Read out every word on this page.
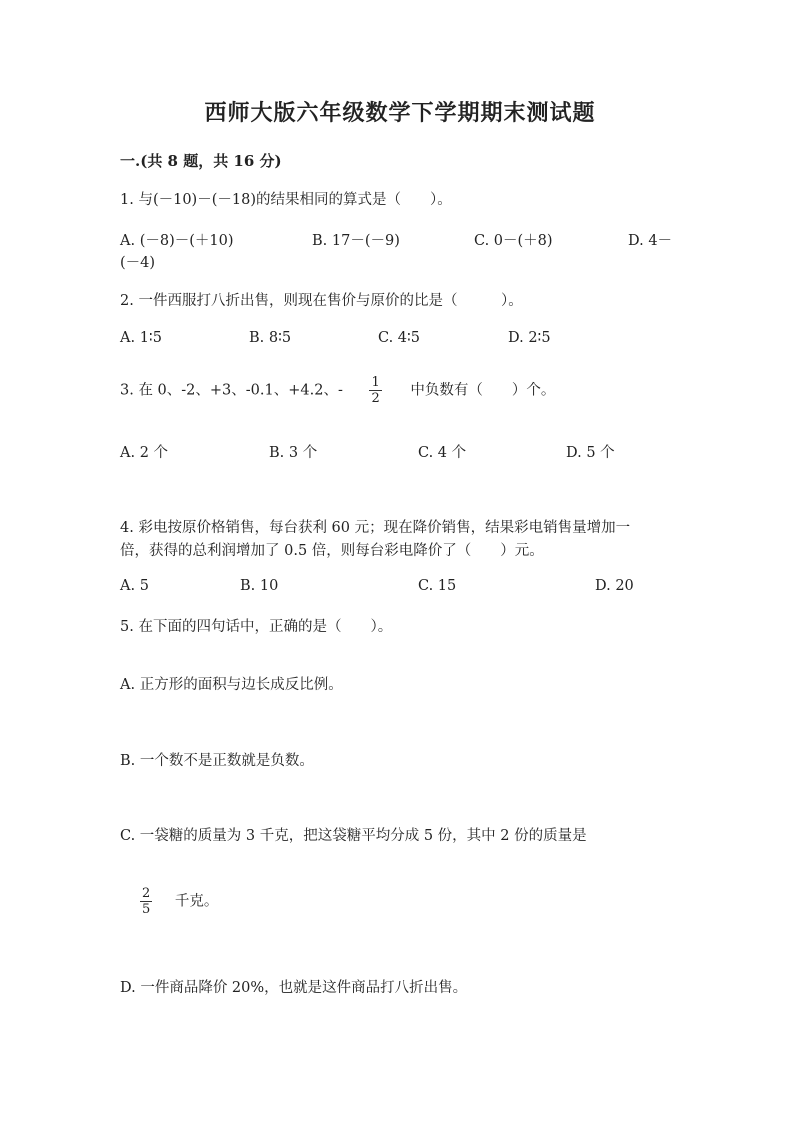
西师大版六年级数学下学期期末测试题
一.(共 8 题，共 16 分)
1. 与(－10)－(－18)的结果相同的算式是（　　）。
A. (－8)－(＋10)	B. 17－(－9)	C. 0－(＋8)	D. 4－
(－4)
2. 一件西服打八折出售，则现在售价与原价的比是（　　　）。
A. 1∶5	B. 8∶5	C. 4∶5	D. 2∶5
3. 在 0、-2、+3、-0.1、+4.2、- $\frac{1}{2}$ 中负数有（　　）个。
A. 2 个	B. 3 个	C. 4 个	D. 5 个
4. 彩电按原价格销售，每台获利 60 元；现在降价销售，结果彩电销售量增加一
倍，获得的总利润增加了 0.5 倍，则每台彩电降价了（　　）元。
A. 5	B. 10	C. 15	D. 20
5. 在下面的四句话中，正确的是（　　）。
A. 正方形的面积与边长成反比例。
B. 一个数不是正数就是负数。
C. 一袋糖的质量为 3 千克，把这袋糖平均分成 5 份，其中 2 份的质量是
$\frac{2}{5}$ 千克。
D. 一件商品降价 20%，也就是这件商品打八折出售。
